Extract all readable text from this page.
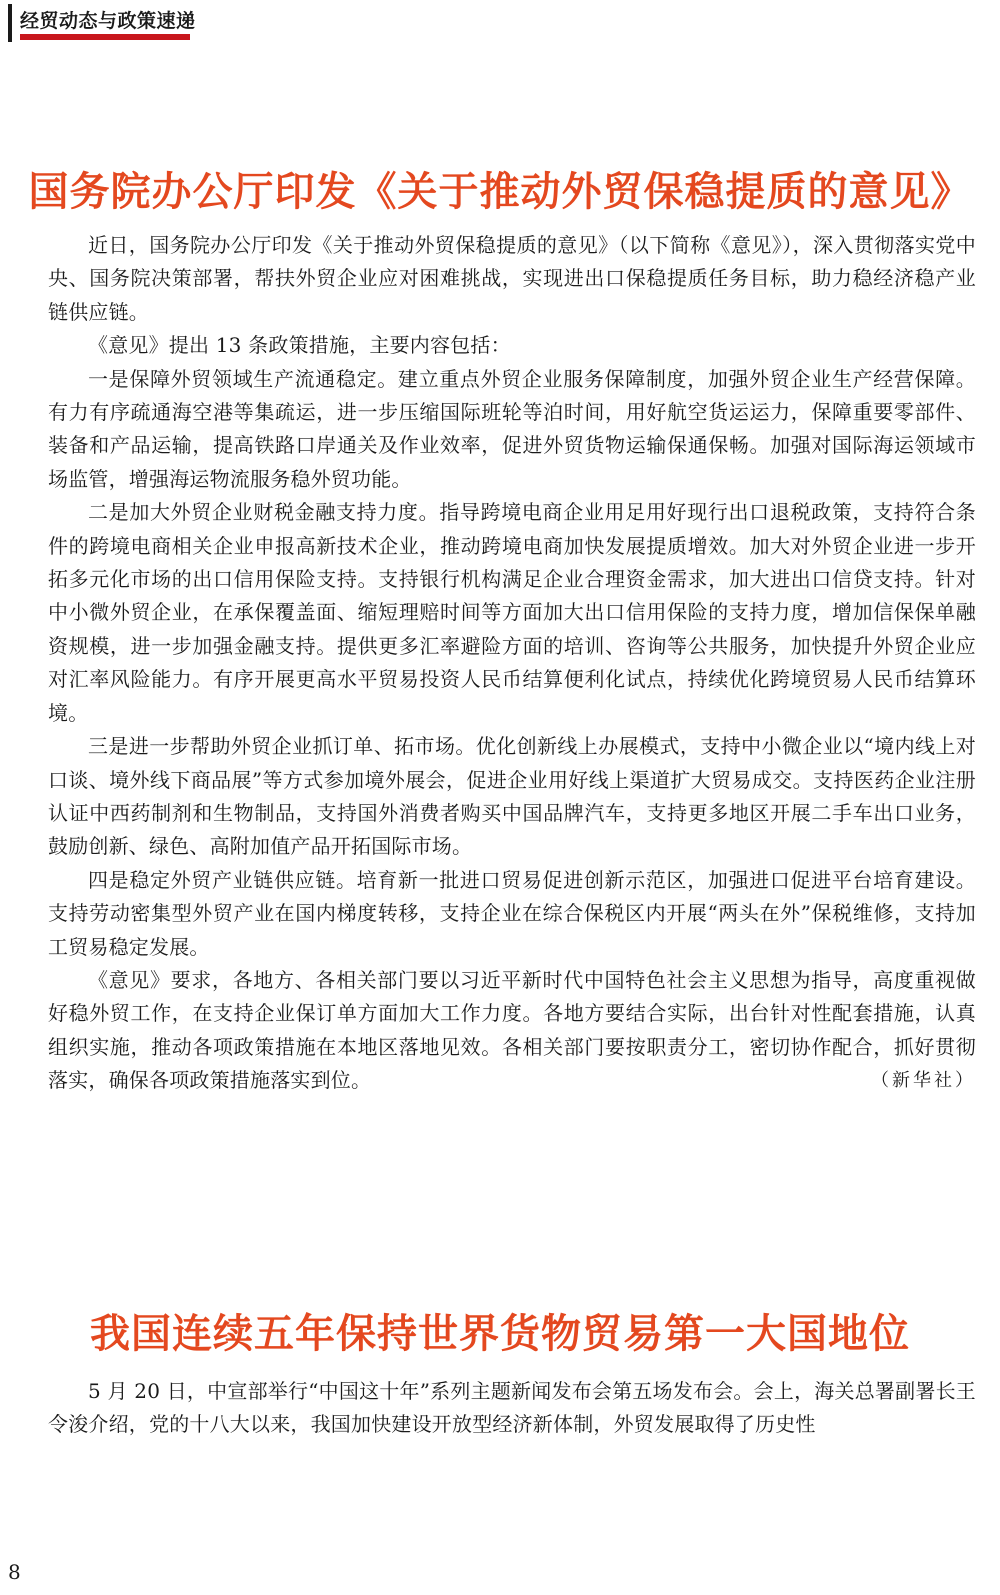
经贸动态与政策速递
国务院办公厅印发《关于推动外贸保稳提质的意见》

近日，国务院办公厅印发《关于推动外贸保稳提质的意见》（以下简称《意见》），深入贯彻落实党中央、国务院决策部署，帮扶外贸企业应对困难挑战，实现进出口保稳提质任务目标，助力稳经济稳产业链供应链。

《意见》提出 13 条政策措施，主要内容包括：

一是保障外贸领域生产流通稳定。建立重点外贸企业服务保障制度，加强外贸企业生产经营保障。有力有序疏通海空港等集疏运，进一步压缩国际班轮等泊时间，用好航空货运运力，保障重要零部件、装备和产品运输，提高铁路口岸通关及作业效率，促进外贸货物运输保通保畅。加强对国际海运领域市场监管，增强海运物流服务稳外贸功能。

二是加大外贸企业财税金融支持力度。指导跨境电商企业用足用好现行出口退税政策，支持符合条件的跨境电商相关企业申报高新技术企业，推动跨境电商加快发展提质增效。加大对外贸企业进一步开拓多元化市场的出口信用保险支持。支持银行机构满足企业合理资金需求，加大进出口信贷支持。针对中小微外贸企业，在承保覆盖面、缩短理赔时间等方面加大出口信用保险的支持力度，增加信保保单融资规模，进一步加强金融支持。提供更多汇率避险方面的培训、咨询等公共服务，加快提升外贸企业应对汇率风险能力。有序开展更高水平贸易投资人民币结算便利化试点，持续优化跨境贸易人民币结算环境。

三是进一步帮助外贸企业抓订单、拓市场。优化创新线上办展模式，支持中小微企业以“境内线上对口谈、境外线下商品展”等方式参加境外展会，促进企业用好线上渠道扩大贸易成交。支持医药企业注册认证中西药制剂和生物制品，支持国外消费者购买中国品牌汽车，支持更多地区开展二手车出口业务，鼓励创新、绿色、高附加值产品开拓国际市场。

四是稳定外贸产业链供应链。培育新一批进口贸易促进创新示范区，加强进口促进平台培育建设。支持劳动密集型外贸产业在国内梯度转移，支持企业在综合保税区内开展“两头在外”保税维修，支持加工贸易稳定发展。

《意见》要求，各地方、各相关部门要以习近平新时代中国特色社会主义思想为指导，高度重视做好稳外贸工作，在支持企业保订单方面加大工作力度。各地方要结合实际，出台针对性配套措施，认真组织实施，推动各项政策措施在本地区落地见效。各相关部门要按职责分工，密切协作配合，抓好贯彻落实，确保各项政策措施落实到位。	（新华社）

我国连续五年保持世界货物贸易第一大国地位

5 月 20 日，中宣部举行“中国这十年”系列主题新闻发布会第五场发布会。会上，海关总署副署长王令浚介绍，党的十八大以来，我国加快建设开放型经济新体制，外贸发展取得了历史性

8
